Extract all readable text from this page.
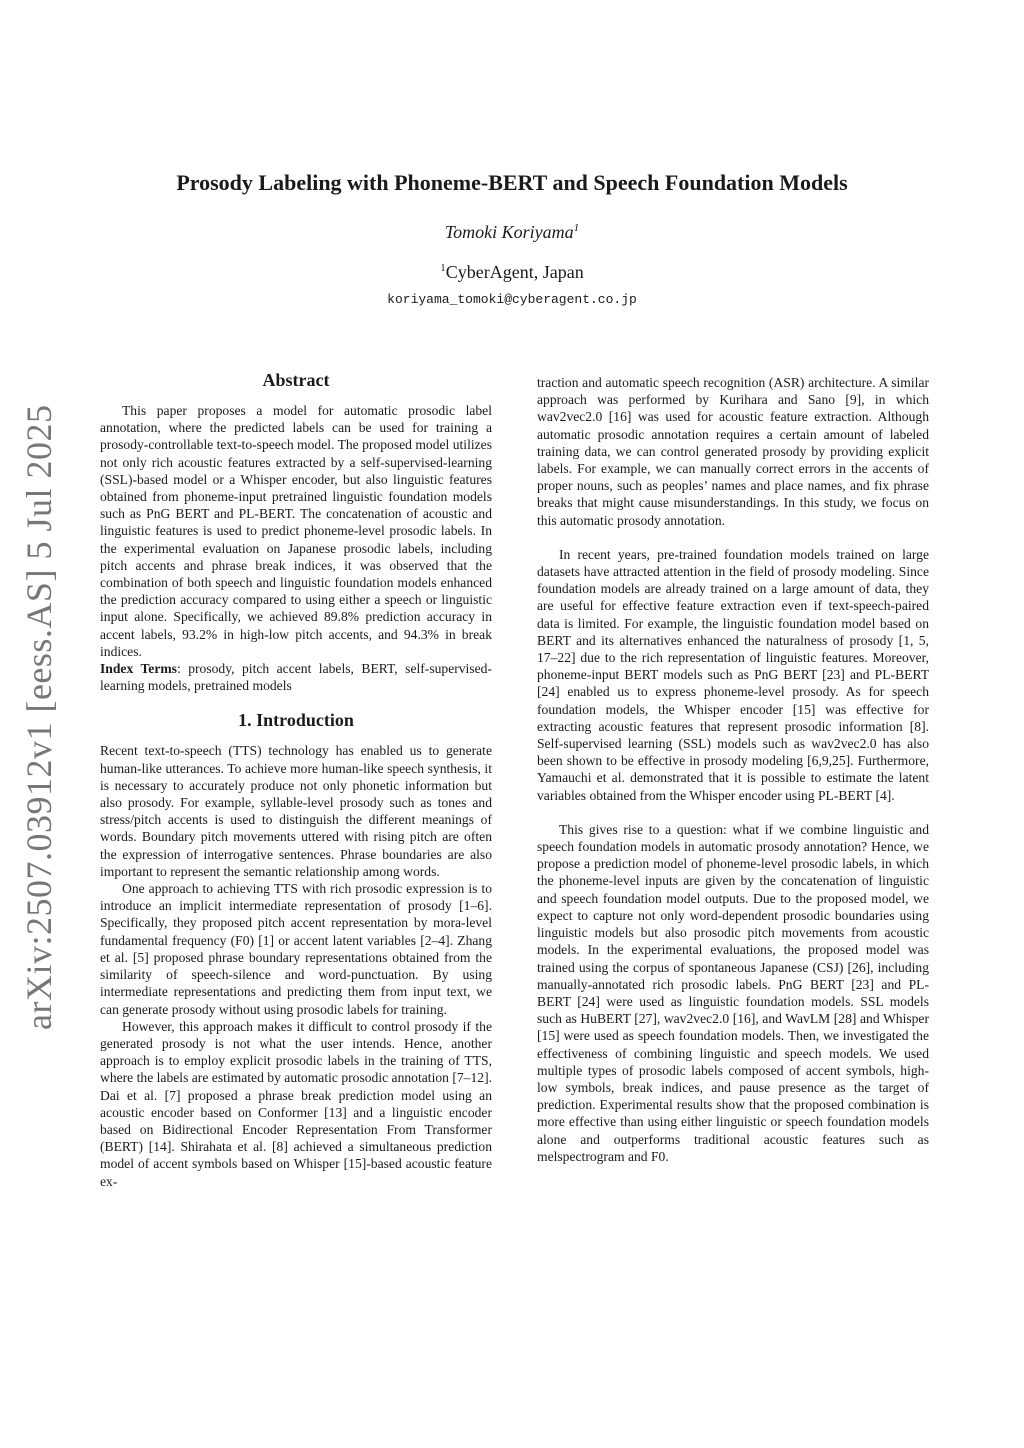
arXiv:2507.03912v1 [eess.AS] 5 Jul 2025
Prosody Labeling with Phoneme-BERT and Speech Foundation Models
Tomoki Koriyama$^1$
$^1$CyberAgent, Japan
koriyama_tomoki@cyberagent.co.jp
Abstract

This paper proposes a model for automatic prosodic label annotation, where the predicted labels can be used for training a prosody-controllable text-to-speech model. The proposed model utilizes not only rich acoustic features extracted by a self-supervised-learning (SSL)-based model or a Whisper encoder, but also linguistic features obtained from phoneme-input pretrained linguistic foundation models such as PnG BERT and PL-BERT. The concatenation of acoustic and linguistic features is used to predict phoneme-level prosodic labels. In the experimental evaluation on Japanese prosodic labels, including pitch accents and phrase break indices, it was observed that the combination of both speech and linguistic foundation models enhanced the prediction accuracy compared to using either a speech or linguistic input alone. Specifically, we achieved 89.8% prediction accuracy in accent labels, 93.2% in high-low pitch accents, and 94.3% in break indices.

Index Terms: prosody, pitch accent labels, BERT, self-supervised-learning models, pretrained models

1. Introduction

Recent text-to-speech (TTS) technology has enabled us to generate human-like utterances. To achieve more human-like speech synthesis, it is necessary to accurately produce not only phonetic information but also prosody. For example, syllable-level prosody such as tones and stress/pitch accents is used to distinguish the different meanings of words. Boundary pitch movements uttered with rising pitch are often the expression of interrogative sentences. Phrase boundaries are also important to represent the semantic relationship among words.

One approach to achieving TTS with rich prosodic expression is to introduce an implicit intermediate representation of prosody [1–6]. Specifically, they proposed pitch accent representation by mora-level fundamental frequency (F0) [1] or accent latent variables [2–4]. Zhang et al. [5] proposed phrase boundary representations obtained from the similarity of speech-silence and word-punctuation. By using intermediate representations and predicting them from input text, we can generate prosody without using prosodic labels for training.

However, this approach makes it difficult to control prosody if the generated prosody is not what the user intends. Hence, another approach is to employ explicit prosodic labels in the training of TTS, where the labels are estimated by automatic prosodic annotation [7–12]. Dai et al. [7] proposed a phrase break prediction model using an acoustic encoder based on Conformer [13] and a linguistic encoder based on Bidirectional Encoder Representation From Transformer (BERT) [14]. Shirahata et al. [8] achieved a simultaneous prediction model of accent symbols based on Whisper [15]-based acoustic feature ex-

traction and automatic speech recognition (ASR) architecture. A similar approach was performed by Kurihara and Sano [9], in which wav2vec2.0 [16] was used for acoustic feature extraction. Although automatic prosodic annotation requires a certain amount of labeled training data, we can control generated prosody by providing explicit labels. For example, we can manually correct errors in the accents of proper nouns, such as peoples’ names and place names, and fix phrase breaks that might cause misunderstandings. In this study, we focus on this automatic prosody annotation.

In recent years, pre-trained foundation models trained on large datasets have attracted attention in the field of prosody modeling. Since foundation models are already trained on a large amount of data, they are useful for effective feature extraction even if text-speech-paired data is limited. For example, the linguistic foundation model based on BERT and its alternatives enhanced the naturalness of prosody [1, 5, 17–22] due to the rich representation of linguistic features. Moreover, phoneme-input BERT models such as PnG BERT [23] and PL-BERT [24] enabled us to express phoneme-level prosody. As for speech foundation models, the Whisper encoder [15] was effective for extracting acoustic features that represent prosodic information [8]. Self-supervised learning (SSL) models such as wav2vec2.0 has also been shown to be effective in prosody modeling [6,9,25]. Furthermore, Yamauchi et al. demonstrated that it is possible to estimate the latent variables obtained from the Whisper encoder using PL-BERT [4].

This gives rise to a question: what if we combine linguistic and speech foundation models in automatic prosody annotation? Hence, we propose a prediction model of phoneme-level prosodic labels, in which the phoneme-level inputs are given by the concatenation of linguistic and speech foundation model outputs. Due to the proposed model, we expect to capture not only word-dependent prosodic boundaries using linguistic models but also prosodic pitch movements from acoustic models. In the experimental evaluations, the proposed model was trained using the corpus of spontaneous Japanese (CSJ) [26], including manually-annotated rich prosodic labels. PnG BERT [23] and PL-BERT [24] were used as linguistic foundation models. SSL models such as HuBERT [27], wav2vec2.0 [16], and WavLM [28] and Whisper [15] were used as speech foundation models. Then, we investigated the effectiveness of combining linguistic and speech models. We used multiple types of prosodic labels composed of accent symbols, high-low symbols, break indices, and pause presence as the target of prediction. Experimental results show that the proposed combination is more effective than using either linguistic or speech foundation models alone and outperforms traditional acoustic features such as melspectrogram and F0.
